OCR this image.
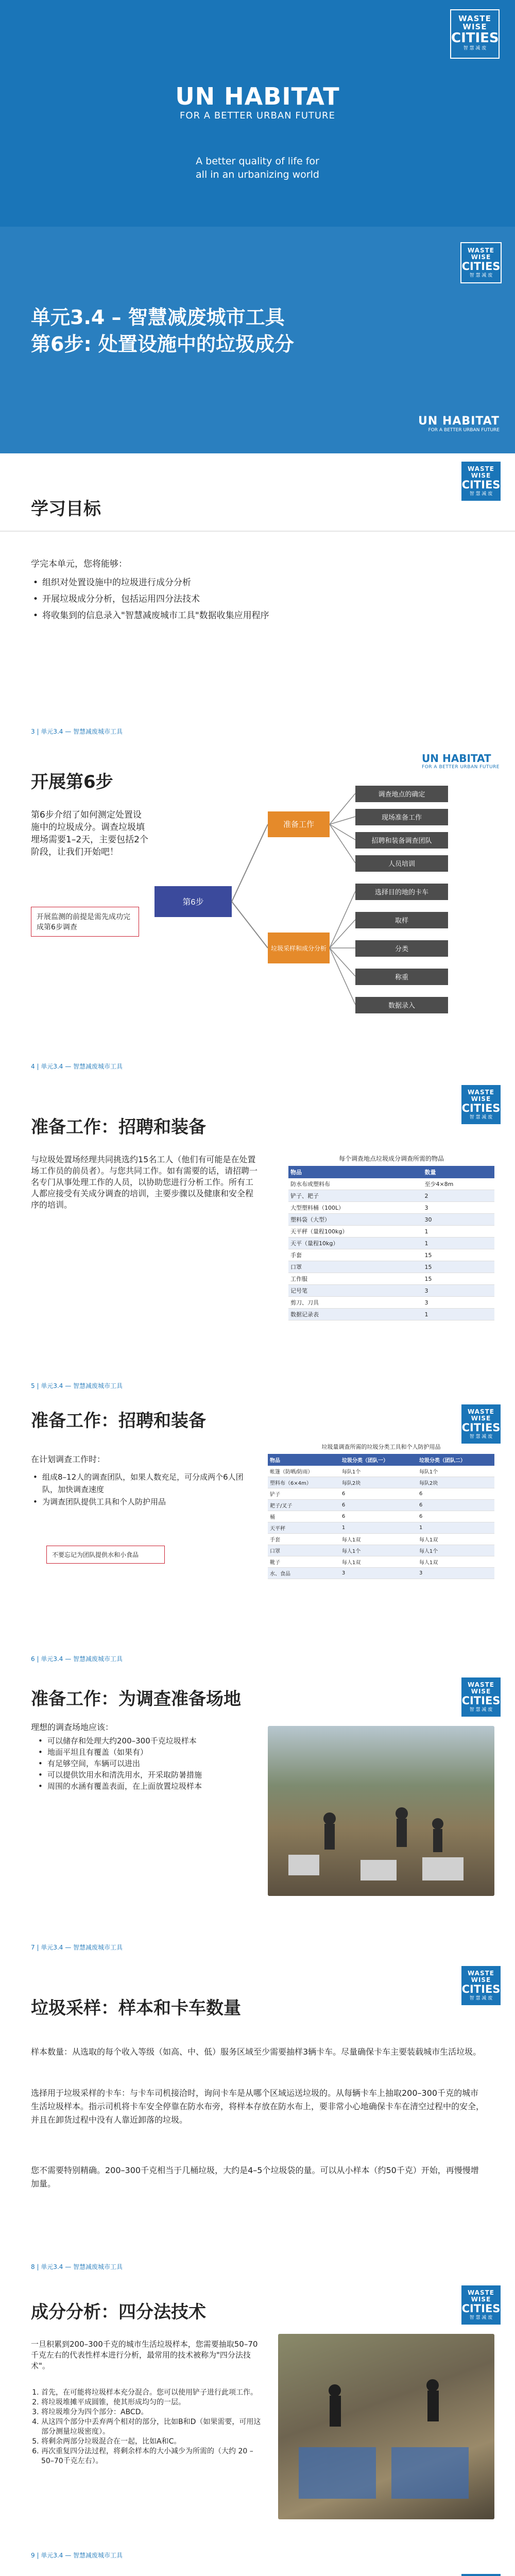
WASTE WISE
CITIES
智 慧 减 废
UN HABITAT
FOR A BETTER URBAN FUTURE
A better quality of life for all in an urbanizing world
WASTE WISE
CITIES
智 慧 减 废
单元3.4 – 智慧减废城市工具
第6步: 处置设施中的垃圾成分
UN HABITAT
FOR A BETTER URBAN FUTURE
WASTE WISE
CITIES
智 慧 减 废
学习目标
学完本单元，您将能够：
• 组织对处置设施中的垃圾进行成分分析
• 开展垃圾成分分析，包括运用四分法技术
• 将收集到的信息录入"智慧减废城市工具"数据收集应用程序
3 | 单元3.4 — 智慧减废城市工具
UN HABITAT
FOR A BETTER URBAN FUTURE
开展第6步
第6步介绍了如何测定处置设施中的垃圾成分。调查垃圾填埋场需要1–2天，主要包括2个阶段，让我们开始吧！
开展监测的前提是需先成功完成第6步调查
第6步
准备工作
垃圾采样和成分分析
调查地点的确定
现场准备工作
招聘和装备调查团队
人员培训
选择目的地的卡车
取样
分类
称重
数据录入
4 | 单元3.4 — 智慧减废城市工具
WASTE WISE
CITIES
智 慧 减 废
准备工作：招聘和装备
与垃圾处置场经理共同挑选约15名工人（他们有可能是在处置场工作员的前员者）。与您共同工作。如有需要的话，请招聘一名专门从事处理工作的人员，以协助您进行分析工作。所有工人都应接受有关成分调查的培训，主要步骤以及健康和安全程序的培训。
每个调查地点垃圾成分调查所需的物品
物品	数量
防水布或塑料布	至少4×8m
铲子、耙子	2
大型塑料桶（100L）	3
塑料袋（大型）	30
天平秤（量程100kg）	1
天平（量程10kg）	1
手套	15
口罩	15
工作服	15
记号笔	3
剪刀、刀具	3
数据记录表	1
5 | 单元3.4 — 智慧减废城市工具
WASTE WISE
CITIES
智 慧 减 废
准备工作：招聘和装备
在计划调查工作时：
• 组成8–12人的调查团队，如果人数充足，可分成两个6人团队，加快调查速度
• 为调查团队提供工具和个人防护用品
不要忘记为团队提供水和小食品
垃圾量调查所需的垃圾分类工具和个人防护用品
物品	垃圾分类（团队一）	垃圾分类（团队二）
帐篷（防晒/防雨）	每队1个	每队1个
塑料布（6×4m）	每队2块	每队2块
铲子	6	6
耙子/叉子	6	6
桶	6	6
天平秤	1	1
手套	每人1双	每人1双
口罩	每人1个	每人1个
靴子	每人1双	每人1双
水、食品	3	3
6 | 单元3.4 — 智慧减废城市工具
WASTE WISE
CITIES
智 慧 减 废
准备工作：为调查准备场地
理想的调查场地应该：
• 可以储存和处理大约200–300千克垃圾样本
• 地面平坦且有覆盖（如果有）
• 有足够空间，车辆可以进出
• 可以提供饮用水和清洗用水，开采取防暑措施
• 周围的水涵有覆盖表面，在上面放置垃圾样本
7 | 单元3.4 — 智慧减废城市工具
WASTE WISE
CITIES
智 慧 减 废
垃圾采样：样本和卡车数量
样本数量：从选取的每个收入等级（如高、中、低）服务区域至少需要抽样3辆卡车。尽量确保卡车主要装载城市生活垃圾。
选择用于垃圾采样的卡车：与卡车司机接洽时，询问卡车是从哪个区域运送垃圾的。从每辆卡车上抽取200–300千克的城市生活垃圾样本。指示司机将卡车安全停靠在防水布旁，将样本存放在防水布上，要非常小心地确保卡车在清空过程中的安全，并且在卸货过程中没有人靠近卸落的垃圾。
您不需要特别精确。200–300千克相当于几桶垃圾，大约是4–5个垃圾袋的量。可以从小样本（约50千克）开始，再慢慢增加量。
8 | 单元3.4 — 智慧减废城市工具
WASTE WISE
CITIES
智 慧 减 废
成分分析：四分法技术
一旦积累到200–300千克的城市生活垃圾样本，您需要抽取50–70千克左右的代表性样本进行分析，最常用的技术被称为"四分法技术"。
1. 首先，在可能将垃圾样本充分混合。您可以使用铲子进行此项工作。
2. 将垃圾堆摊平成圆锥，使其形成均匀的一层。
3. 将垃圾堆分为四个部分：ABCD。
4. 从这四个部分中丢弃两个相对的部分，比如B和D（如果需要，可用这部分测量垃圾密度）。
5. 将剩余两部分垃圾混合在一起，比如A和C。
6. 再次重复四分法过程，将剩余样本的大小减少为所需的（大约 20 – 50–70千克左右）。
9 | 单元3.4 — 智慧减废城市工具
